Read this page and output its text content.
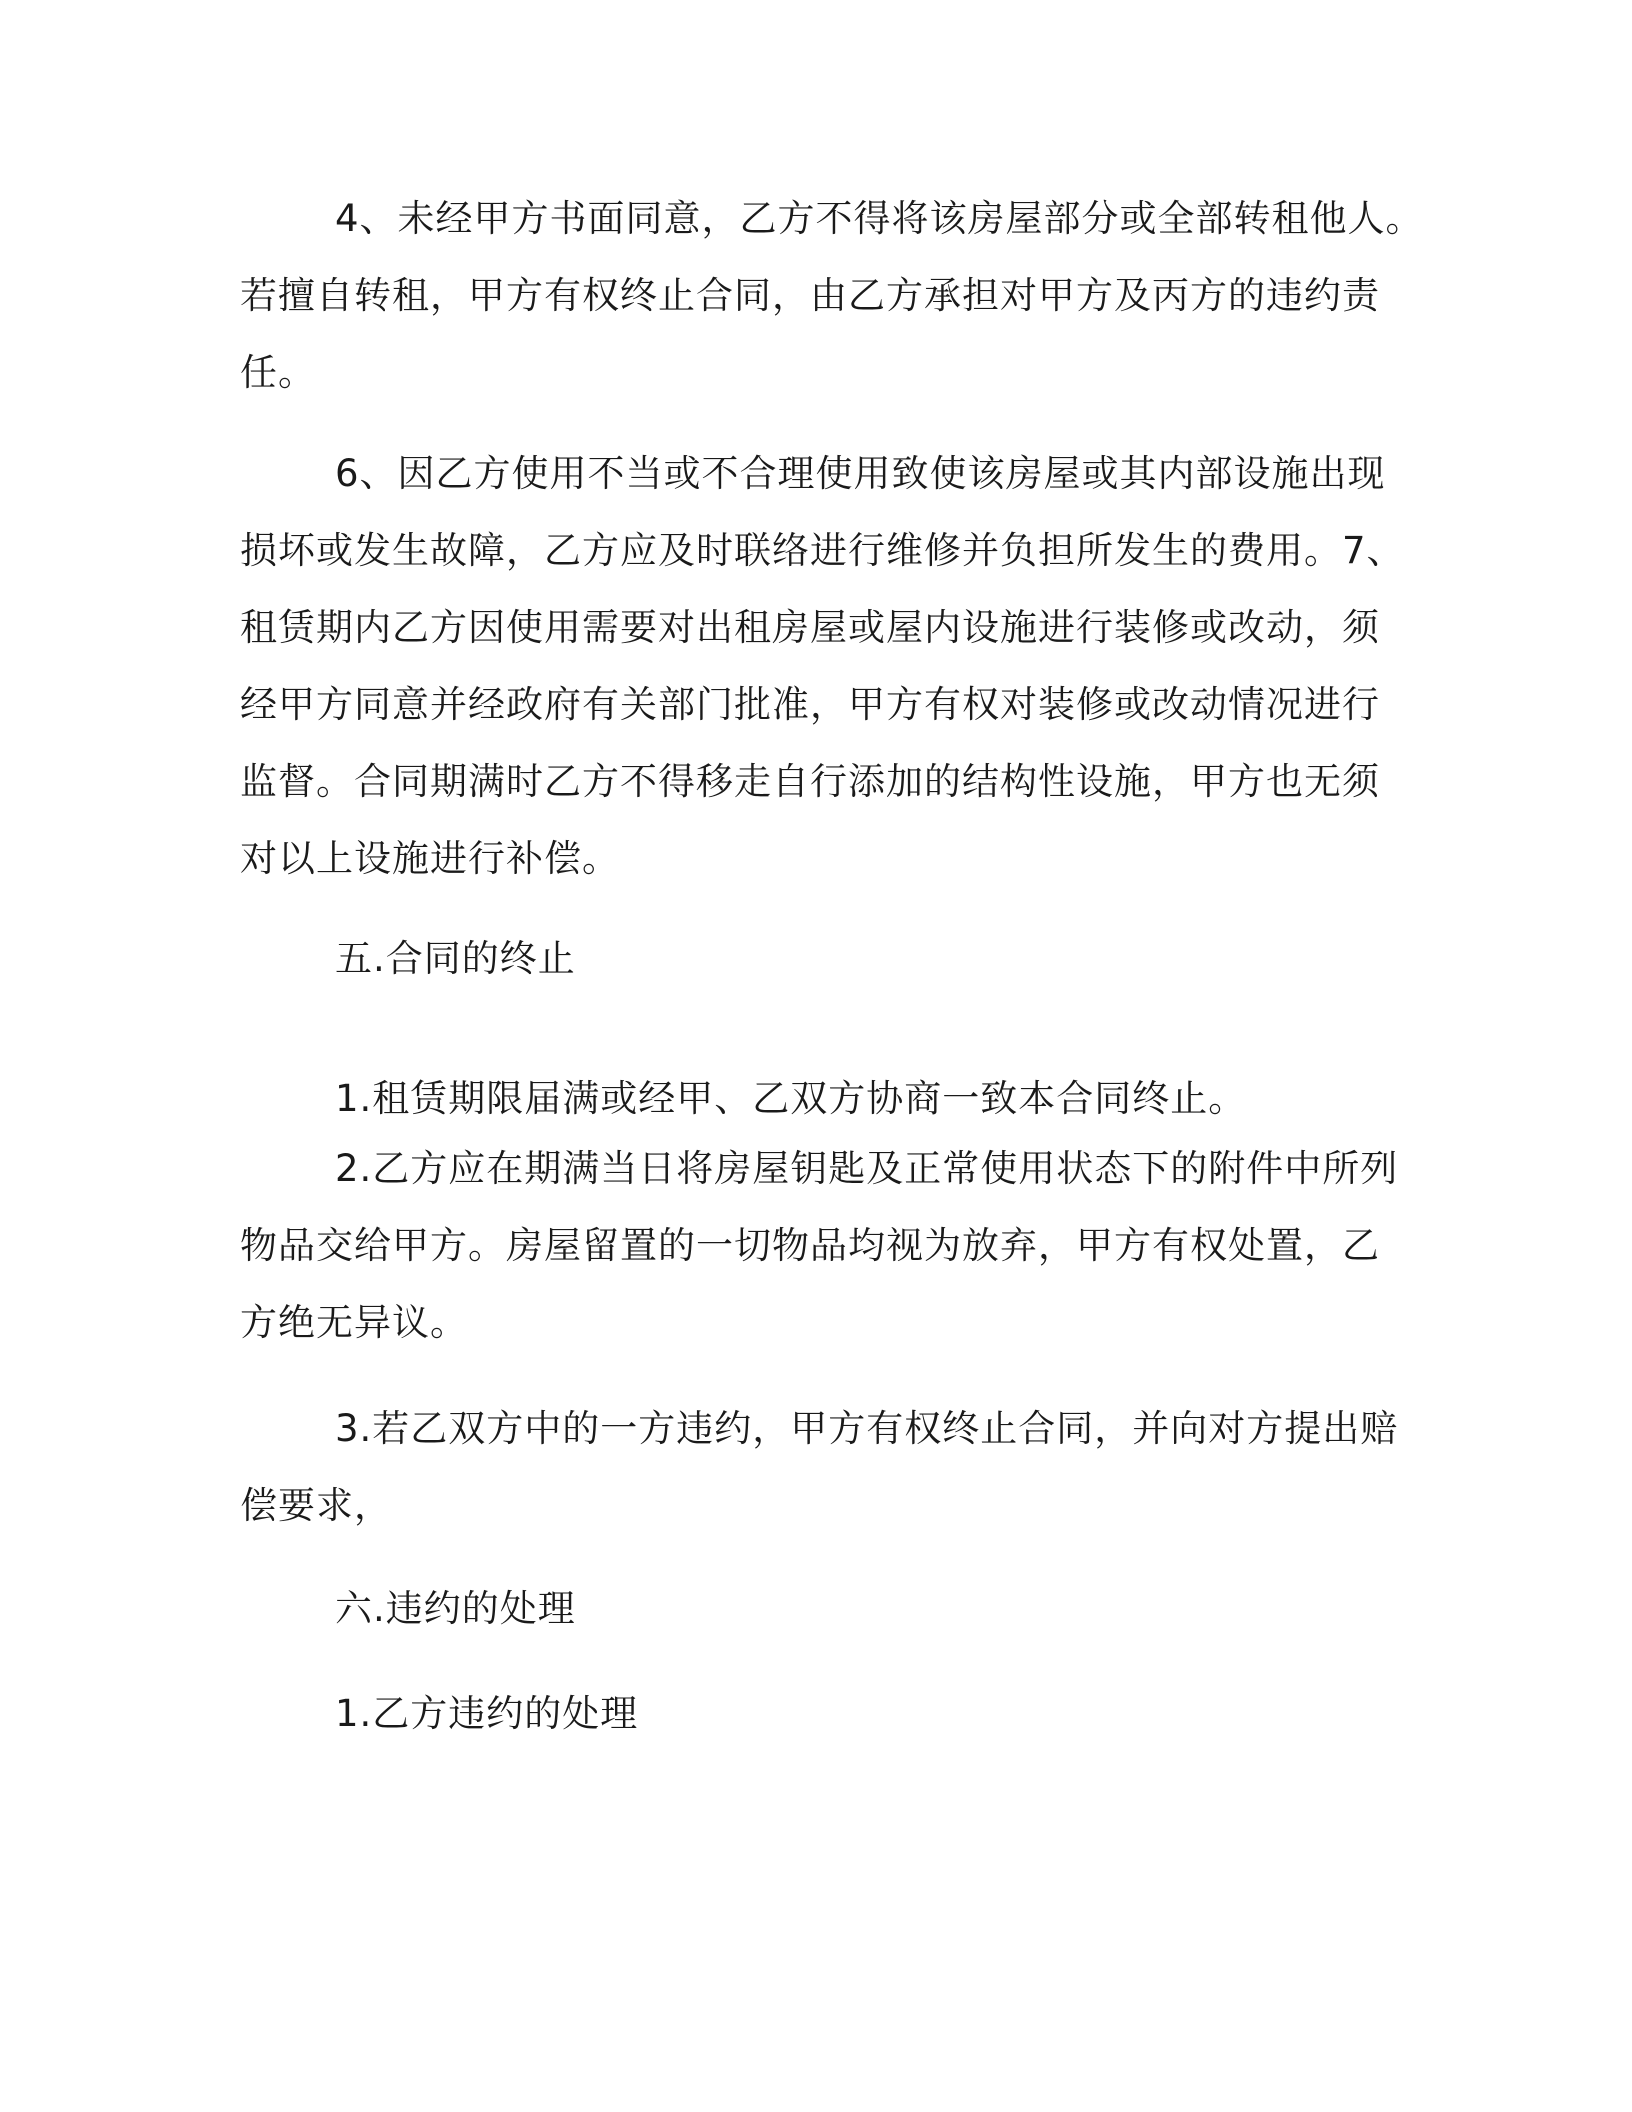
4、未经甲方书面同意，乙方不得将该房屋部分或全部转租他人。
若擅自转租，甲方有权终止合同，由乙方承担对甲方及丙方的违约责
任。
6、因乙方使用不当或不合理使用致使该房屋或其内部设施出现
损坏或发生故障，乙方应及时联络进行维修并负担所发生的费用。7、
租赁期内乙方因使用需要对出租房屋或屋内设施进行装修或改动，须
经甲方同意并经政府有关部门批准，甲方有权对装修或改动情况进行
监督。合同期满时乙方不得移走自行添加的结构性设施，甲方也无须
对以上设施进行补偿。
五.合同的终止
1.租赁期限届满或经甲、乙双方协商一致本合同终止。
2.乙方应在期满当日将房屋钥匙及正常使用状态下的附件中所列
物品交给甲方。房屋留置的一切物品均视为放弃，甲方有权处置，乙
方绝无异议。
3.若乙双方中的一方违约，甲方有权终止合同，并向对方提出赔
偿要求，
六.违约的处理
1.乙方违约的处理
